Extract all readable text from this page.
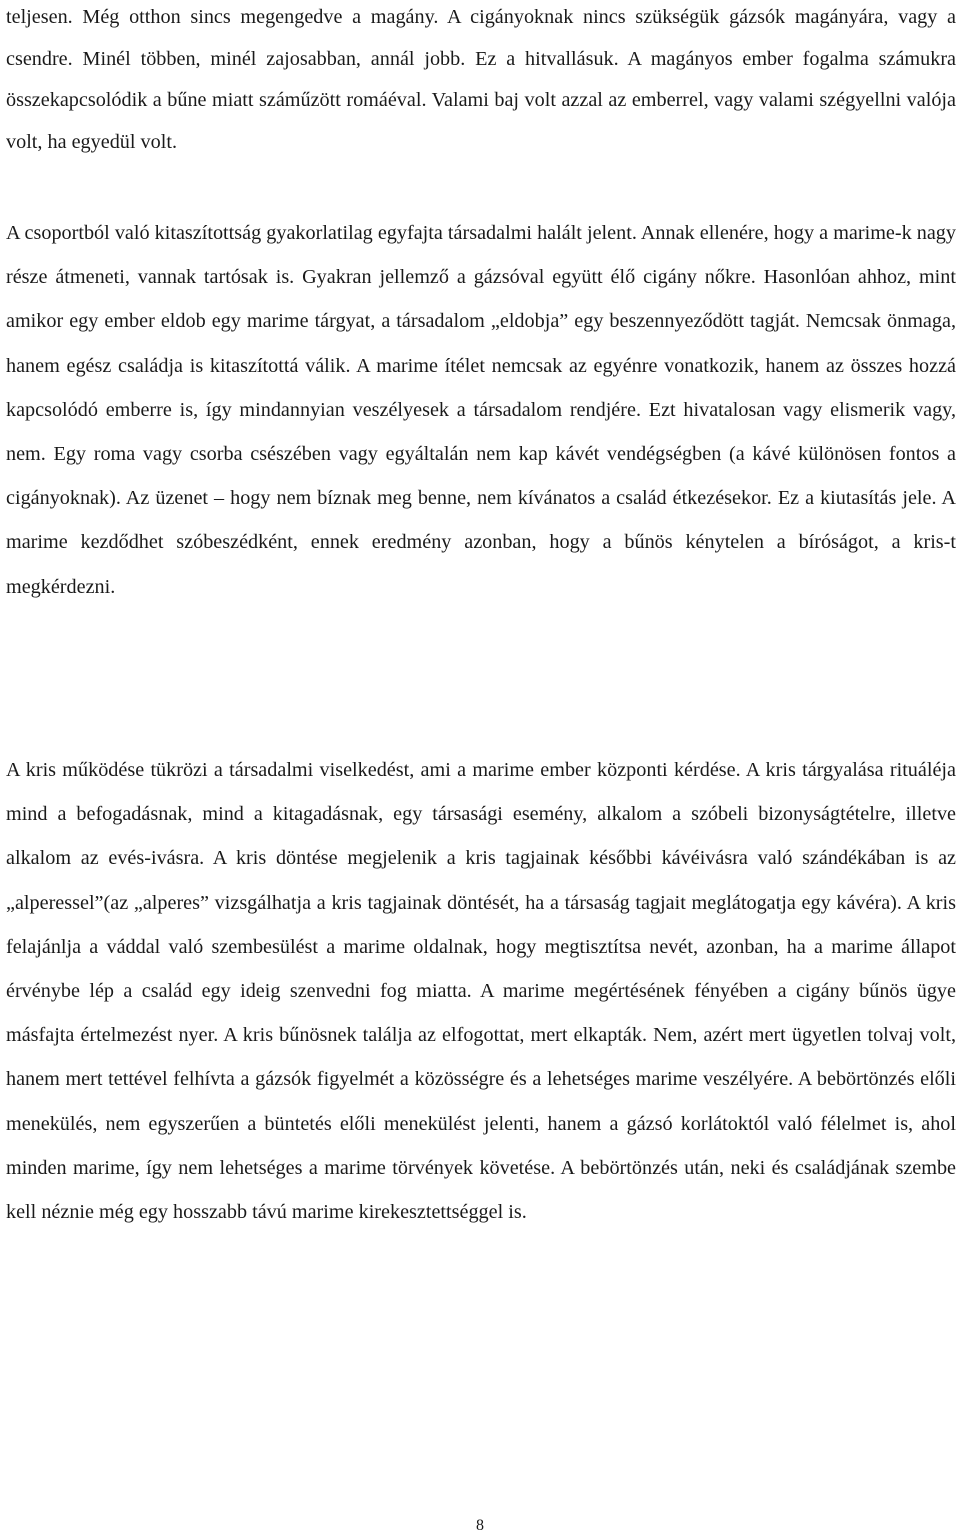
teljesen. Még otthon sincs megengedve a magány. A cigányoknak nincs szükségük gázsók magányára, vagy a csendre. Minél többen, minél zajosabban, annál jobb. Ez a hitvallásuk. A magányos ember fogalma számukra összekapcsolódik a bűne miatt száműzött romáéval. Valami baj volt azzal az emberrel, vagy valami szégyellni valója volt, ha egyedül volt.

A csoportból való kitaszítottság gyakorlatilag egyfajta társadalmi halált jelent. Annak ellenére, hogy a marime-k nagy része átmeneti, vannak tartósak is. Gyakran jellemző a gázsóval együtt élő cigány nőkre. Hasonlóan ahhoz, mint amikor egy ember eldob egy marime tárgyat, a társadalom „eldobja” egy beszennyeződött tagját. Nemcsak önmaga, hanem egész családja is kitaszítottá válik. A marime ítélet nemcsak az egyénre vonatkozik, hanem az összes hozzá kapcsolódó emberre is, így mindannyian veszélyesek a társadalom rendjére. Ezt hivatalosan vagy elismerik vagy, nem. Egy roma vagy csorba csészében vagy egyáltalán nem kap kávét vendégségben (a kávé különösen fontos a cigányoknak). Az üzenet – hogy nem bíznak meg benne, nem kívánatos a család étkezésekor. Ez a kiutasítás jele. A marime kezdődhet szóbeszédként, ennek eredmény azonban, hogy a bűnös kénytelen a bíróságot, a kris-t megkérdezni.

A kris működése tükrözi a társadalmi viselkedést, ami a marime ember központi kérdése. A kris tárgyalása rituáléja mind a befogadásnak, mind a kitagadásnak, egy társasági esemény, alkalom a szóbeli bizonyságtételre, illetve alkalom az evés-ivásra. A kris döntése megjelenik a kris tagjainak későbbi kávéivásra való szándékában is az „alperessel”(az „alperes” vizsgálhatja a kris tagjainak döntését, ha a társaság tagjait meglátogatja egy kávéra). A kris felajánlja a váddal való szembesülést a marime oldalnak, hogy megtisztítsa nevét, azonban, ha a marime állapot érvénybe lép a család egy ideig szenvedni fog miatta. A marime megértésének fényében a cigány bűnös ügye másfajta értelmezést nyer. A kris bűnösnek találja az elfogottat, mert elkapták. Nem, azért mert ügyetlen tolvaj volt, hanem mert tettével felhívta a gázsók figyelmét a közösségre és a lehetséges marime veszélyére. A bebörtönzés előli menekülés, nem egyszerűen a büntetés előli menekülést jelenti, hanem a gázsó korlátoktól való félelmet is, ahol minden marime, így nem lehetséges a marime törvények követése. A bebörtönzés után, neki és családjának szembe kell néznie még egy hosszabb távú marime kirekesztettséggel is.

8
